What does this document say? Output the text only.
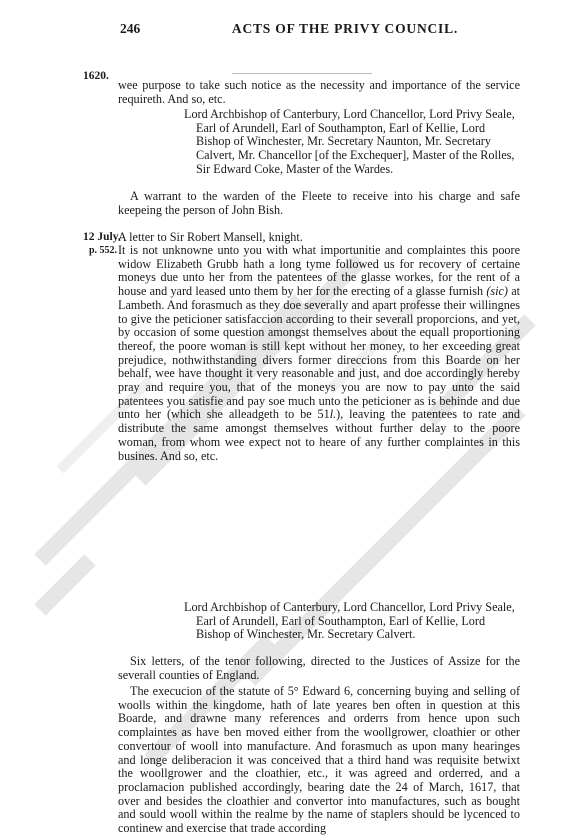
246	ACTS OF THE PRIVY COUNCIL.
1620.
wee purpose to take such notice as the necessity and importance of the service requireth. And so, etc.
Lord Archbishop of Canterbury, Lord Chancellor, Lord Privy Seale, Earl of Arundell, Earl of Southampton, Earl of Kellie, Lord Bishop of Winchester, Mr. Secretary Naunton, Mr. Secretary Calvert, Mr. Chancellor [of the Exchequer], Master of the Rolles, Sir Edward Coke, Master of the Wardes.
A warrant to the warden of the Fleete to receive into his charge and safe keepeing the person of John Bish.
12 July.
p. 552.
A letter to Sir Robert Mansell, knight.
It is not unknowne unto you with what importunitie and complaintes this poore widow Elizabeth Grubb hath a long tyme followed us for recovery of certaine moneys due unto her from the patentees of the glasse workes, for the rent of a house and yard leased unto them by her for the erecting of a glasse furnish (sic) at Lambeth. And forasmuch as they doe severally and apart professe their willingnes to give the peticioner satisfaccion according to their severall proporcions, and yet, by occasion of some question amongst themselves about the equall proportioning thereof, the poore woman is still kept without her money, to her exceeding great prejudice, nothwithstanding divers former direccions from this Boarde on her behalf, wee have thought it very reasonable and just, and doe accordingly hereby pray and require you, that of the moneys you are now to pay unto the said patentees you satisfie and pay soe much unto the peticioner as is behinde and due unto her (which she alleadgeth to be 51l.), leaving the patentees to rate and distribute the same amongst themselves without further delay to the poore woman, from whom wee expect not to heare of any further complaintes in this busines. And so, etc.
Lord Archbishop of Canterbury, Lord Chancellor, Lord Privy Seale, Earl of Arundell, Earl of Southampton, Earl of Kellie, Lord Bishop of Winchester, Mr. Secretary Calvert.
Six letters, of the tenor following, directed to the Justices of Assize for the severall counties of England.
The execucion of the statute of 5° Edward 6, concerning buying and selling of woolls within the kingdome, hath of late yeares ben often in question at this Boarde, and drawne many references and orderrs from hence upon such complaintes as have ben moved either from the woollgrower, cloathier or other convertour of wooll into manufacture. And forasmuch as upon many hearinges and longe deliberacion it was conceived that a third hand was requisite betwixt the woollgrower and the cloathier, etc., it was agreed and orderred, and a proclamacion published accordingly, bearing date the 24 of March, 1617, that over and besides the cloathier and convertor into manufactures, such as bought and sould wooll within the realme by the name of staplers should be lycenced to continew and exercise that trade according
